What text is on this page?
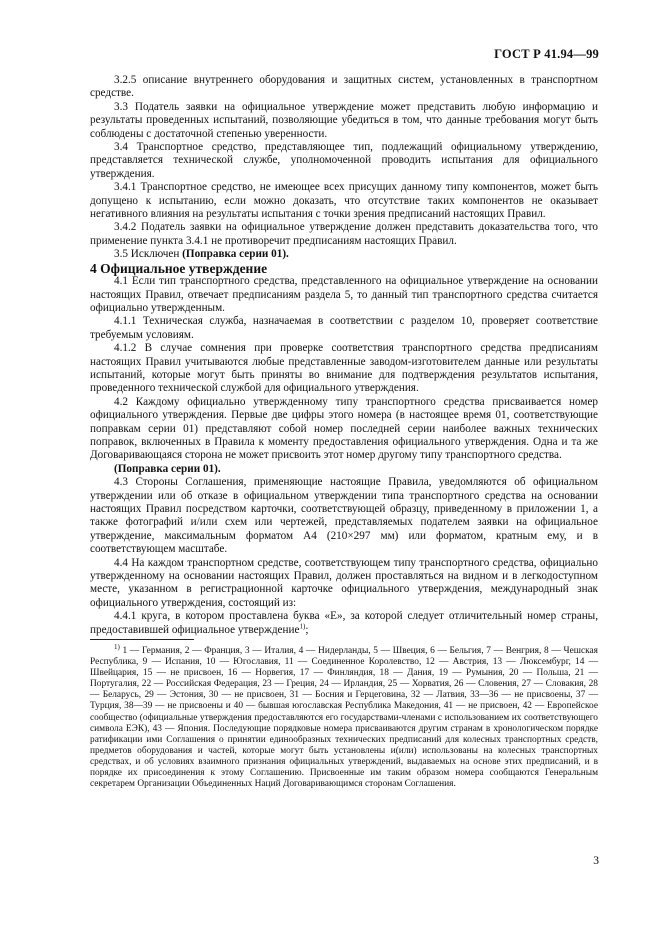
ГОСТ Р 41.94—99

3.2.5 описание внутреннего оборудования и защитных систем, установленных в транспортном средстве.

3.3 Податель заявки на официальное утверждение может представить любую информацию и результаты проведенных испытаний, позволяющие убедиться в том, что данные требования могут быть соблюдены с достаточной степенью уверенности.

3.4 Транспортное средство, представляющее тип, подлежащий официальному утверждению, представляется технической службе, уполномоченной проводить испытания для официального утверждения.

3.4.1 Транспортное средство, не имеющее всех присущих данному типу компонентов, может быть допущено к испытанию, если можно доказать, что отсутствие таких компонентов не оказывает негативного влияния на результаты испытания с точки зрения предписаний настоящих Правил.

3.4.2 Податель заявки на официальное утверждение должен представить доказательства того, что применение пункта 3.4.1 не противоречит предписаниям настоящих Правил.

3.5 Исключен (Поправка серии 01).

4 Официальное утверждение

4.1 Если тип транспортного средства, представленного на официальное утверждение на основании настоящих Правил, отвечает предписаниям раздела 5, то данный тип транспортного средства считается официально утвержденным.

4.1.1 Техническая служба, назначаемая в соответствии с разделом 10, проверяет соответствие требуемым условиям.

4.1.2 В случае сомнения при проверке соответствия транспортного средства предписаниям настоящих Правил учитываются любые представленные заводом-изготовителем данные или результаты испытаний, которые могут быть приняты во внимание для подтверждения результатов испытания, проведенного технической службой для официального утверждения.

4.2 Каждому официально утвержденному типу транспортного средства присваивается номер официального утверждения. Первые две цифры этого номера (в настоящее время 01, соответствующие поправкам серии 01) представляют собой номер последней серии наиболее важных технических поправок, включенных в Правила к моменту предоставления официального утверждения. Одна и та же Договаривающаяся сторона не может присвоить этот номер другому типу транспортного средства.

(Поправка серии 01).

4.3 Стороны Соглашения, применяющие настоящие Правила, уведомляются об официальном утверждении или об отказе в официальном утверждении типа транспортного средства на основании настоящих Правил посредством карточки, соответствующей образцу, приведенному в приложении 1, а также фотографий и/или схем или чертежей, представляемых подателем заявки на официальное утверждение, максимальным форматом А4 (210×297 мм) или форматом, кратным ему, и в соответствующем масштабе.

4.4 На каждом транспортном средстве, соответствующем типу транспортного средства, официально утвержденному на основании настоящих Правил, должен проставляться на видном и в легкодоступном месте, указанном в регистрационной карточке официального утверждения, международный знак официального утверждения, состоящий из:

4.4.1 круга, в котором проставлена буква «Е», за которой следует отличительный номер страны, предоставившей официальное утверждение$^{1)}$;

$^{1)}$ 1 — Германия, 2 — Франция, 3 — Италия, 4 — Нидерланды, 5 — Швеция, 6 — Бельгия, 7 — Венгрия, 8 — Чешская Республика, 9 — Испания, 10 — Югославия, 11 — Соединенное Королевство, 12 — Австрия, 13 — Люксембург, 14 — Швейцария, 15 — не присвоен, 16 — Норвегия, 17 — Финляндия, 18 — Дания, 19 — Румыния, 20 — Польша, 21 — Португалия, 22 — Российская Федерация, 23 — Греция, 24 — Ирландия, 25 — Хорватия, 26 — Словения, 27 — Словакия, 28 — Беларусь, 29 — Эстония, 30 — не присвоен, 31 — Босния и Герцеговина, 32 — Латвия, 33—36 — не присвоены, 37 — Турция, 38—39 — не присвоены и 40 — бывшая югославская Республика Македония, 41 — не присвоен, 42 — Европейское сообщество (официальные утверждения предоставляются его государствами-членами с использованием их соответствующего символа ЕЭК), 43 — Япония. Последующие порядковые номера присваиваются другим странам в хронологическом порядке ратификации ими Соглашения о принятии единообразных технических предписаний для колесных транспортных средств, предметов оборудования и частей, которые могут быть установлены и(или) использованы на колесных транспортных средствах, и об условиях взаимного признания официальных утверждений, выдаваемых на основе этих предписаний, и в порядке их присоединения к этому Соглашению. Присвоенные им таким образом номера сообщаются Генеральным секретарем Организации Объединенных Наций Договаривающимся сторонам Соглашения.

3
